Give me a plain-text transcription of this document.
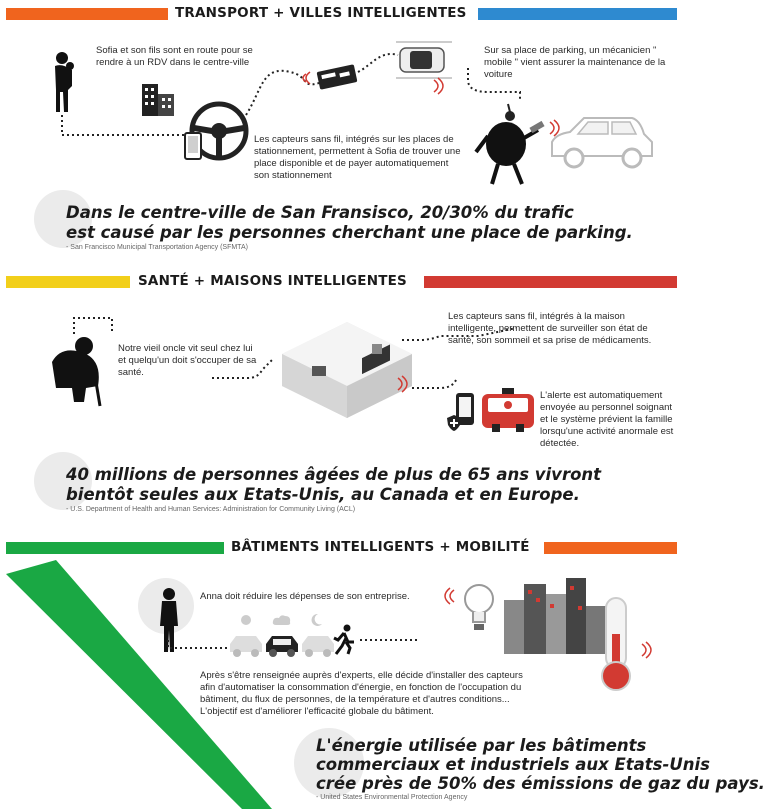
TRANSPORT + VILLES INTELLIGENTES
Sofia et son fils sont en route pour se rendre à un RDV dans le centre-ville
Les capteurs sans fil, intégrés sur les places de stationnement, permettent à Sofia de trouver une place disponible et de payer automatiquement son stationnement
Sur sa place de parking, un mécanicien " mobile " vient assurer la maintenance de la voiture
Dans le centre-ville de San Fransisco, 20/30% du trafic
est causé par les personnes cherchant une place de parking.
- San Francisco Municipal Transportation Agency (SFMTA)
SANTÉ + MAISONS INTELLIGENTES
Notre vieil oncle vit seul chez lui et quelqu'un doit s'occuper de sa santé.
Les capteurs sans fil, intégrés à la maison intelligente, permettent de surveiller son état de santé, son sommeil et sa prise de médicaments.
L'alerte est automatiquement envoyée au personnel soignant et le système prévient la famille lorsqu'une activité anormale est détectée.
40 millions de personnes âgées de plus de 65 ans vivront
bientôt seules aux Etats-Unis, au Canada et en Europe.
- U.S. Department of Health and Human Services: Administration for Community Living (ACL)
BÂTIMENTS INTELLIGENTS + MOBILITÉ
Anna doit réduire les dépenses de son entreprise.
Après s'être renseignée auprès d'experts, elle décide d'installer des capteurs afin d'automatiser la consommation d'énergie, en fonction de l'occupation du bâtiment, du flux de personnes, de la température et d'autres conditions...
L'objectif est d'améliorer l'efficacité globale du bâtiment.
L'énergie utilisée par les bâtiments
commerciaux et industriels aux Etats-Unis
crée près de 50% des émissions de gaz du pays.
- United States Environmental Protection Agency
